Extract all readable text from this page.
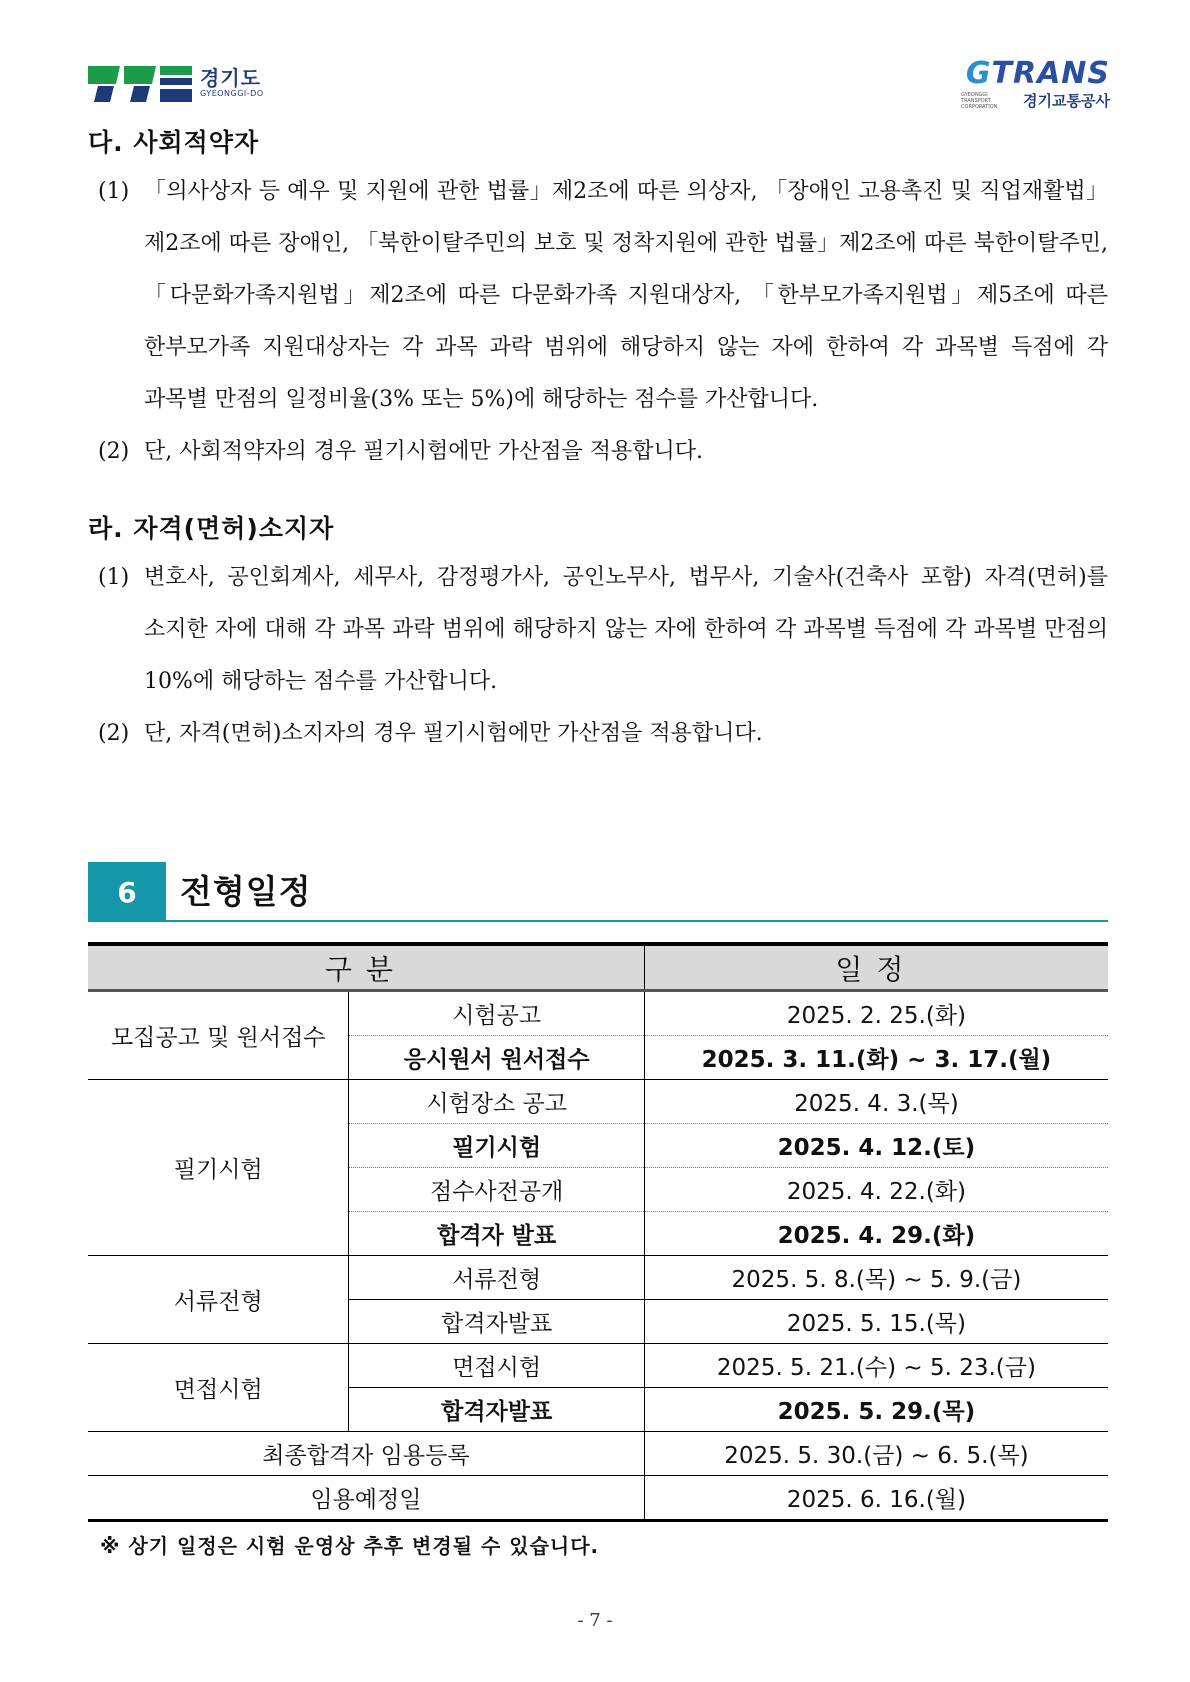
경기도
GYEONGGI-DO
GTRANS
GYEONGGI TRANSPORT CORPORATION	경기교통공사
다. 사회적약자
(1) 「의사상자 등 예우 및 지원에 관한 법률」제2조에 따른 의상자, 「장애인 고용촉진 및 직업재활법」제2조에 따른 장애인, 「북한이탈주민의 보호 및 정착지원에 관한 법률」제2조에 따른 북한이탈주민, 「다문화가족지원법」제2조에 따른 다문화가족 지원대상자, 「한부모가족지원법」제5조에 따른 한부모가족 지원대상자는 각 과목 과락 범위에 해당하지 않는 자에 한하여 각 과목별 득점에 각 과목별 만점의 일정비율(3% 또는 5%)에 해당하는 점수를 가산합니다.
(2) 단, 사회적약자의 경우 필기시험에만 가산점을 적용합니다.
라. 자격(면허)소지자
(1) 변호사, 공인회계사, 세무사, 감정평가사, 공인노무사, 법무사, 기술사(건축사 포함) 자격(면허)를 소지한 자에 대해 각 과목 과락 범위에 해당하지 않는 자에 한하여 각 과목별 득점에 각 과목별 만점의 10%에 해당하는 점수를 가산합니다.
(2) 단, 자격(면허)소지자의 경우 필기시험에만 가산점을 적용합니다.
6	전형일정
구분		일정
모집공고 및 원서접수	시험공고	2025. 2. 25.(화)
	응시원서 원서접수	2025. 3. 11.(화) ~ 3. 17.(월)
필기시험	시험장소 공고	2025. 4. 3.(목)
	필기시험	2025. 4. 12.(토)
	점수사전공개	2025. 4. 22.(화)
	합격자 발표	2025. 4. 29.(화)
서류전형	서류전형	2025. 5. 8.(목) ~ 5. 9.(금)
	합격자발표	2025. 5. 15.(목)
면접시험	면접시험	2025. 5. 21.(수) ~ 5. 23.(금)
	합격자발표	2025. 5. 29.(목)
최종합격자 임용등록		2025. 5. 30.(금) ~ 6. 5.(목)
임용예정일		2025. 6. 16.(월)
※ 상기 일정은 시험 운영상 추후 변경될 수 있습니다.
- 7 -
